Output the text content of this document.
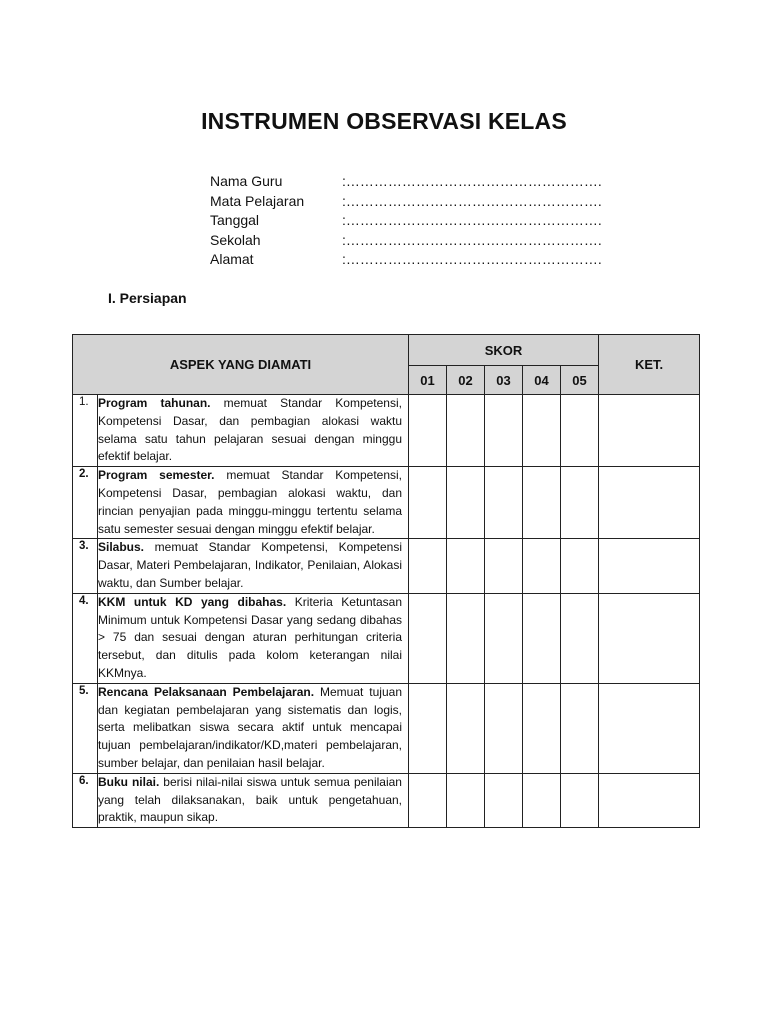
INSTRUMEN OBSERVASI KELAS
Nama Guru	:……………………………………………….
Mata Pelajaran	:……………………………………………….
Tanggal	:……………………………………………….
Sekolah	:……………………………………………….
Alamat	:……………………………………………….
I. Persiapan
ASPEK YANG DIAMATI		SKOR					KET.
		01	02	03	04	05	
1.	Program tahunan. memuat Standar Kompetensi, Kompetensi Dasar, dan pembagian alokasi waktu selama satu tahun pelajaran sesuai dengan minggu efektif belajar.						
2.	Program semester. memuat Standar Kompetensi, Kompetensi Dasar, pembagian alokasi waktu, dan rincian penyajian pada minggu-minggu tertentu selama satu semester sesuai dengan minggu efektif belajar.						
3.	Silabus. memuat Standar Kompetensi, Kompetensi Dasar, Materi Pembelajaran, Indikator, Penilaian, Alokasi waktu, dan Sumber belajar.						
4.	KKM untuk KD yang dibahas. Kriteria Ketuntasan Minimum untuk Kompetensi Dasar yang sedang dibahas > 75 dan sesuai dengan aturan perhitungan criteria tersebut, dan ditulis pada kolom keterangan nilai KKMnya.						
5.	Rencana Pelaksanaan Pembelajaran. Memuat tujuan dan kegiatan pembelajaran yang sistematis dan logis, serta melibatkan siswa secara aktif untuk mencapai tujuan pembelajaran/indikator/KD,materi pembelajaran, sumber belajar, dan penilaian hasil belajar.						
6.	Buku nilai. berisi nilai-nilai siswa untuk semua penilaian yang telah dilaksanakan, baik untuk pengetahuan, praktik, maupun sikap.						
